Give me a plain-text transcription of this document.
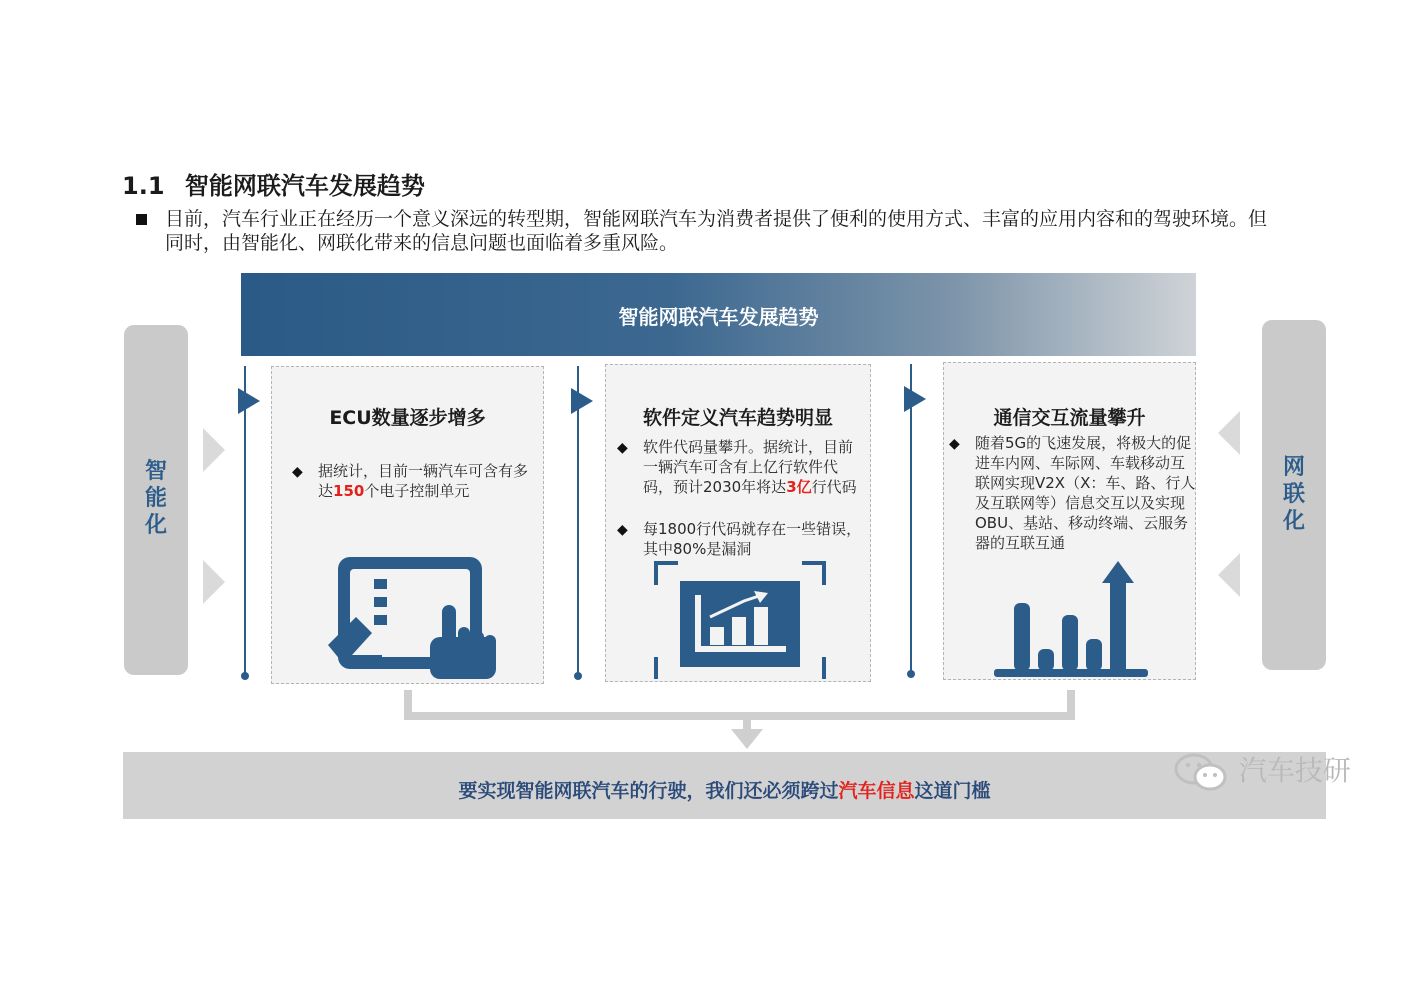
1.1 智能网联汽车发展趋势
目前，汽车行业正在经历一个意义深远的转型期，智能网联汽车为消费者提供了便利的使用方式、丰富的应用内容和的驾驶环境。但同时，由智能化、网联化带来的信息问题也面临着多重风险。
智能网联汽车发展趋势
智
能
化
网
联
化
ECU数量逐步增多
◆ 据统计，目前一辆汽车可含有多达150个电子控制单元
软件定义汽车趋势明显
◆ 软件代码量攀升。据统计，目前一辆汽车可含有上亿行软件代码，预计2030年将达3亿行代码
◆ 每1800行代码就存在一些错误，其中80%是漏洞
通信交互流量攀升
◆ 随着5G的飞速发展，将极大的促进车内网、车际网、车载移动互联网实现V2X（X：车、路、行人及互联网等）信息交互以及实现OBU、基站、移动终端、云服务器的互联互通
要实现智能网联汽车的行驶，我们还必须跨过汽车信息这道门槛
汽车技研
